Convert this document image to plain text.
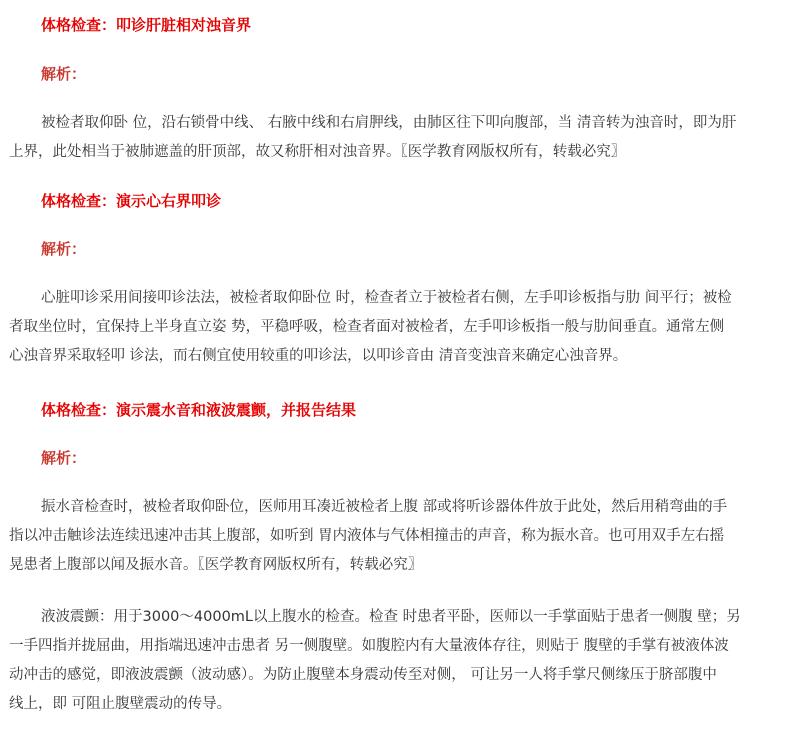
体格检查：叩诊肝脏相对浊音界
解析：
被检者取仰卧 位，沿右锁骨中线、 右腋中线和右肩胛线，由肺区往下叩向腹部，当 清音转为浊音时，即为肝
上界，此处相当于被肺遮盖的肝顶部，故又称肝相对浊音界。〖医学教育网版权所有，转载必究〗
体格检查：演示心右界叩诊
解析：
心脏叩诊采用间接叩诊法法，被检者取仰卧位 时，检查者立于被检者右侧，左手叩诊板指与肋 间平行；被检
者取坐位时，宜保持上半身直立姿 势，平稳呼吸，检查者面对被检者，左手叩诊板指一般与肋间垂直。通常左侧
心浊音界采取轻叩 诊法，而右侧宜使用较重的叩诊法，以叩诊音由 清音变浊音来确定心浊音界。
体格检查：演示震水音和液波震颤，并报告结果
解析：
振水音检查时，被检者取仰卧位，医师用耳凑近被检者上腹 部或将听诊器体件放于此处，然后用稍弯曲的手
指以冲击触诊法连续迅速冲击其上腹部，如听到 胃内液体与气体相撞击的声音，称为振水音。也可用双手左右摇
晃患者上腹部以闻及振水音。〖医学教育网版权所有，转载必究〗
液波震颤：用于3000～4000mL以上腹水的检查。检查 时患者平卧，医师以一手掌面贴于患者一侧腹 壁；另
一手四指并拢屈曲，用指端迅速冲击患者 另一侧腹壁。如腹腔内有大量液体存往，则贴于 腹壁的手掌有被液体波
动冲击的感觉，即液波震颤（波动感）。为防止腹壁本身震动传至对侧， 可让另一人将手掌尺侧缘压于脐部腹中
线上，即 可阻止腹壁震动的传导。
